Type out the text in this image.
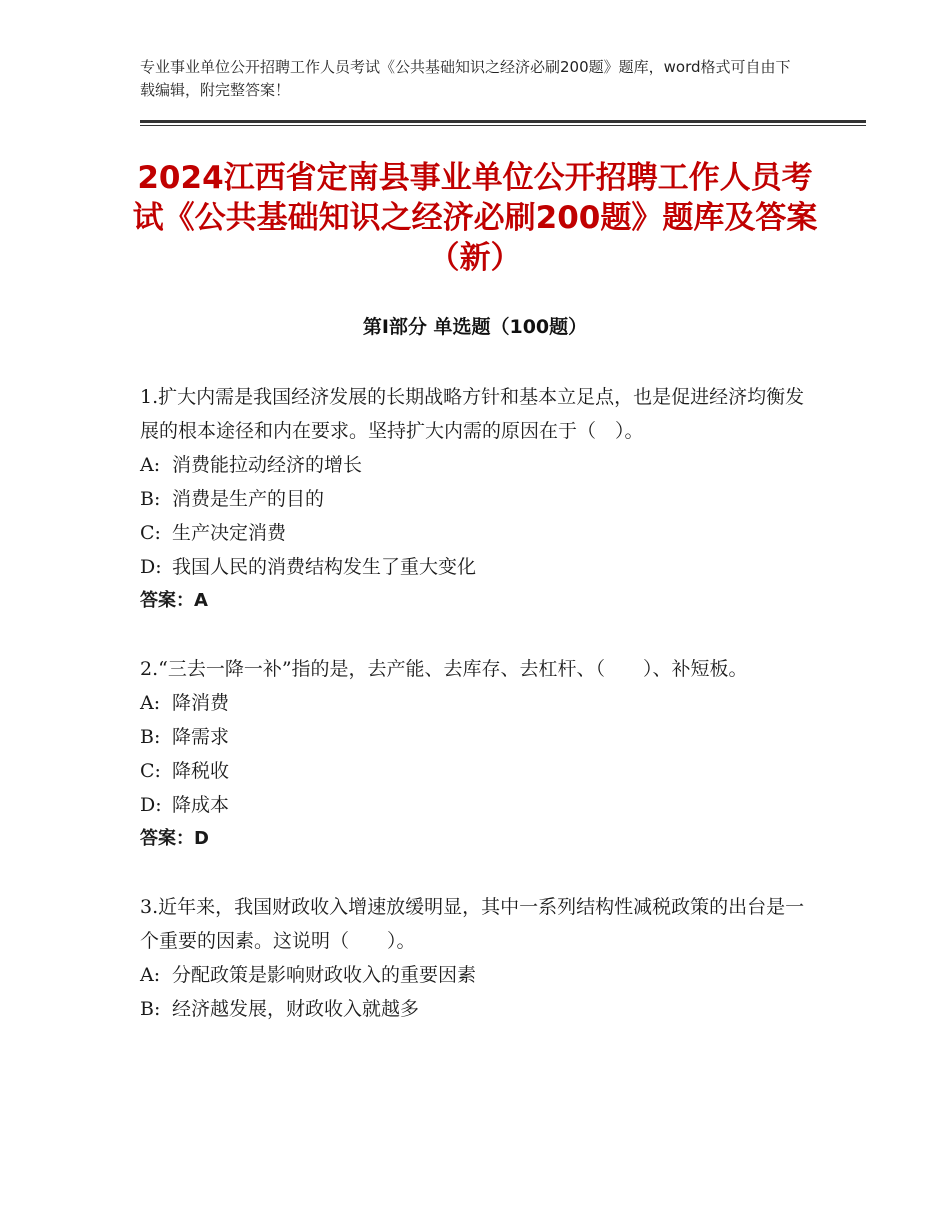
专业事业单位公开招聘工作人员考试《公共基础知识之经济必刷200题》题库，word格式可自由下载编辑，附完整答案！
2024江西省定南县事业单位公开招聘工作人员考试《公共基础知识之经济必刷200题》题库及答案（新）
第Ⅰ部分 单选题（100题）

1.扩大内需是我国经济发展的长期战略方针和基本立足点，也是促进经济均衡发展的根本途径和内在要求。坚持扩大内需的原因在于（　）。

A: 消费能拉动经济的增长

B: 消费是生产的目的

C: 生产决定消费

D: 我国人民的消费结构发生了重大变化

答案：A

2.“三去一降一补”指的是，去产能、去库存、去杠杆、（　　）、补短板。

A: 降消费

B: 降需求

C: 降税收

D: 降成本

答案：D

3.近年来，我国财政收入增速放缓明显，其中一系列结构性减税政策的出台是一个重要的因素。这说明（　　）。

A: 分配政策是影响财政收入的重要因素

B: 经济越发展，财政收入就越多
